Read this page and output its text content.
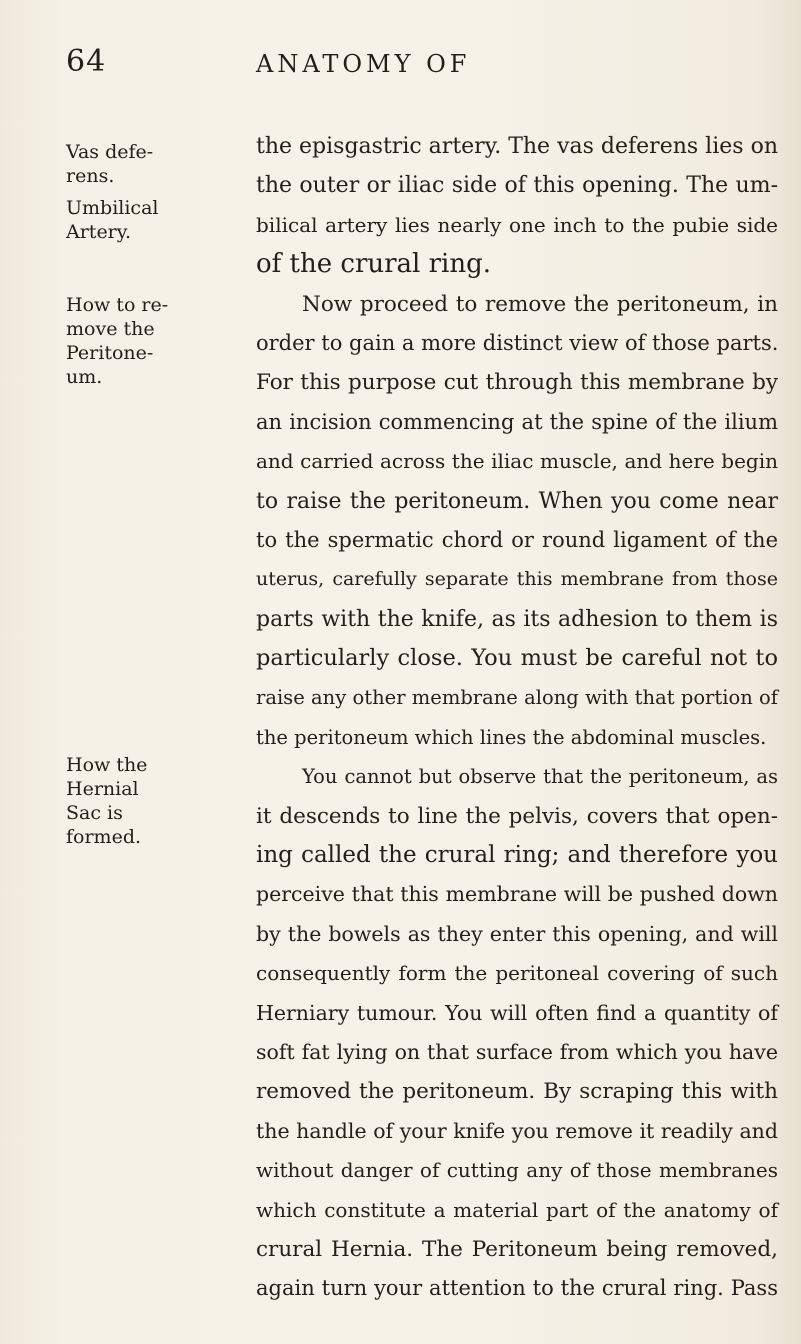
64	ANATOMY OF
Vas defe-
rens.
Umbilical
Artery.
How to re-
move the
Peritone-
um.
How the
Hernial
Sac is
formed.
the episgastric artery. The vas deferens lies on
the outer or iliac side of this opening. The um-
bilical artery lies nearly one inch to the pubie side
of the crural ring.
Now proceed to remove the peritoneum, in
order to gain a more distinct view of those parts.
For this purpose cut through this membrane by
an incision commencing at the spine of the ilium
and carried across the iliac muscle, and here begin
to raise the peritoneum. When you come near
to the spermatic chord or round ligament of the
uterus, carefully separate this membrane from those
parts with the knife, as its adhesion to them is
particularly close. You must be careful not to
raise any other membrane along with that portion of
the peritoneum which lines the abdominal muscles.
You cannot but observe that the peritoneum, as
it descends to line the pelvis, covers that open-
ing called the crural ring; and therefore you
perceive that this membrane will be pushed down
by the bowels as they enter this opening, and will
consequently form the peritoneal covering of such
Herniary tumour. You will often find a quantity of
soft fat lying on that surface from which you have
removed the peritoneum. By scraping this with
the handle of your knife you remove it readily and
without danger of cutting any of those membranes
which constitute a material part of the anatomy of
crural Hernia. The Peritoneum being removed,
again turn your attention to the crural ring. Pass
